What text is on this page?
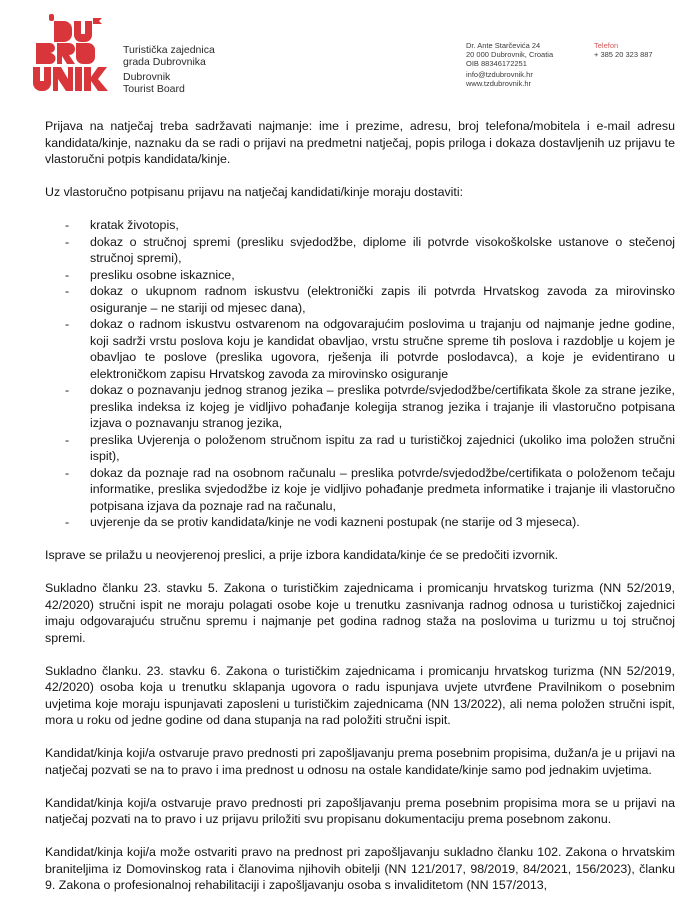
Turistička zajednica
grada Dubrovnika
Dubrovnik
Tourist Board
Dr. Ante Starčevića 24
20 000 Dubrovnik, Croatia
OIB 88346172251
info@tzdubrovnik.hr
www.tzdubrovnik.hr
Telefon
+ 385 20 323 887

Prijava na natječaj treba sadržavati najmanje: ime i prezime, adresu, broj telefona/mobitela i e-mail adresu kandidata/kinje, naznaku da se radi o prijavi na predmetni natječaj, popis priloga i dokaza dostavljenih uz prijavu te vlastoručni potpis kandidata/kinje.

Uz vlastoručno potpisanu prijavu na natječaj kandidati/kinje moraju dostaviti:

- kratak životopis,
- dokaz o stručnoj spremi (presliku svjedodžbe, diplome ili potvrde visokoškolske ustanove o stečenoj stručnoj spremi),
- presliku osobne iskaznice,
- dokaz o ukupnom radnom iskustvu (elektronički zapis ili potvrda Hrvatskog zavoda za mirovinsko osiguranje – ne stariji od mjesec dana),
- dokaz o radnom iskustvu ostvarenom na odgovarajućim poslovima u trajanju od najmanje jedne godine, koji sadrži vrstu poslova koju je kandidat obavljao, vrstu stručne spreme tih poslova i razdoblje u kojem je obavljao te poslove (preslika ugovora, rješenja ili potvrde poslodavca), a koje je evidentirano u elektroničkom zapisu Hrvatskog zavoda za mirovinsko osiguranje
- dokaz o poznavanju jednog stranog jezika – preslika potvrde/svjedodžbe/certifikata škole za strane jezike, preslika indeksa iz kojeg je vidljivo pohađanje kolegija stranog jezika i trajanje ili vlastoručno potpisana izjava o poznavanju stranog jezika,
- preslika Uvjerenja o položenom stručnom ispitu za rad u turističkoj zajednici (ukoliko ima položen stručni ispit),
- dokaz da poznaje rad na osobnom računalu – preslika potvrde/svjedodžbe/certifikata o položenom tečaju informatike, preslika svjedodžbe iz koje je vidljivo pohađanje predmeta informatike i trajanje ili vlastoručno potpisana izjava da poznaje rad na računalu,
- uvjerenje da se protiv kandidata/kinje ne vodi kazneni postupak (ne starije od 3 mjeseca).

Isprave se prilažu u neovjerenoj preslici, a prije izbora kandidata/kinje će se predočiti izvornik.

Sukladno članku 23. stavku 5. Zakona o turističkim zajednicama i promicanju hrvatskog turizma (NN 52/2019, 42/2020) stručni ispit ne moraju polagati osobe koje u trenutku zasnivanja radnog odnosa u turističkoj zajednici imaju odgovarajuću stručnu spremu i najmanje pet godina radnog staža na poslovima u turizmu u toj stručnoj spremi.

Sukladno članku. 23. stavku 6. Zakona o turističkim zajednicama i promicanju hrvatskog turizma (NN 52/2019, 42/2020) osoba koja u trenutku sklapanja ugovora o radu ispunjava uvjete utvrđene Pravilnikom o posebnim uvjetima koje moraju ispunjavati zaposleni u turističkim zajednicama (NN 13/2022), ali nema položen stručni ispit, mora u roku od jedne godine od dana stupanja na rad položiti stručni ispit.

Kandidat/kinja koji/a ostvaruje pravo prednosti pri zapošljavanju prema posebnim propisima, dužan/a je u prijavi na natječaj pozvati se na to pravo i ima prednost u odnosu na ostale kandidate/kinje samo pod jednakim uvjetima.

Kandidat/kinja koji/a ostvaruje pravo prednosti pri zapošljavanju prema posebnim propisima mora se u prijavi na natječaj pozvati na to pravo i uz prijavu priložiti svu propisanu dokumentaciju prema posebnom zakonu.

Kandidat/kinja koji/a može ostvariti pravo na prednost pri zapošljavanju sukladno članku 102. Zakona o hrvatskim braniteljima iz Domovinskog rata i članovima njihovih obitelji (NN 121/2017, 98/2019, 84/2021, 156/2023), članku 9. Zakona o profesionalnoj rehabilitaciji i zapošljavanju osoba s invaliditetom (NN 157/2013,
